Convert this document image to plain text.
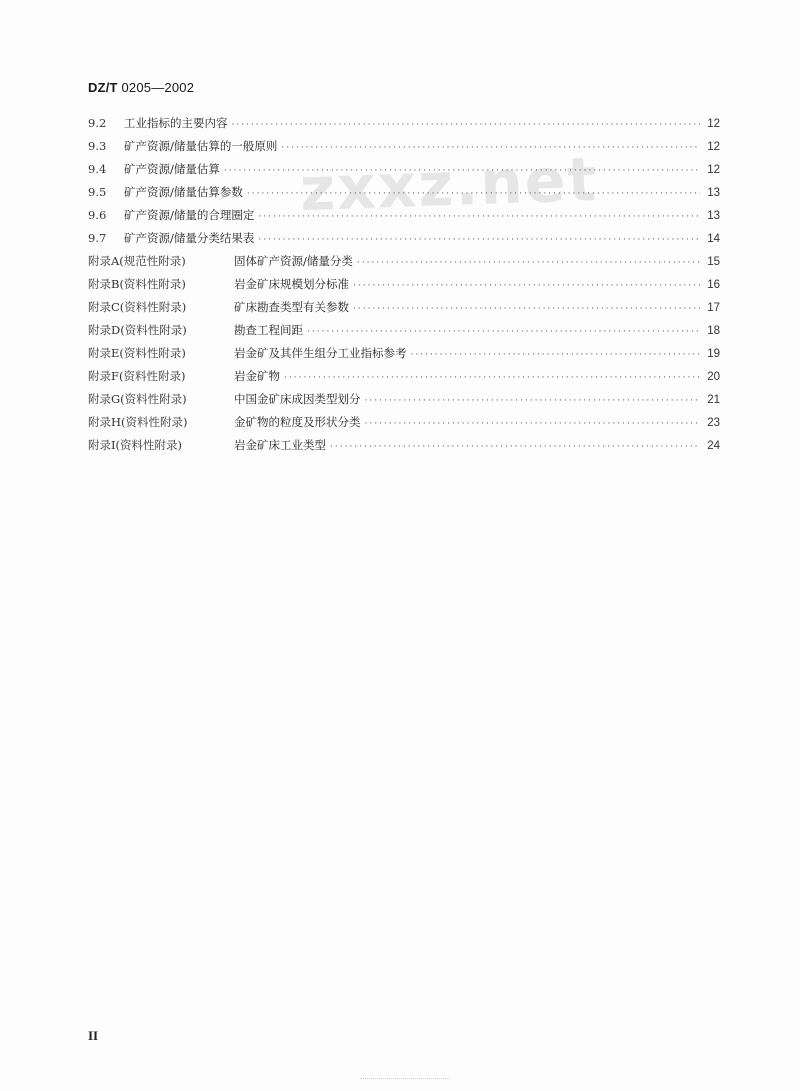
zxxz.net
DZ/T 0205—2002
9.2	工业指标的主要内容 ·····	12
9.3	矿产资源/储量估算的一般原则 ·····	12
9.4	矿产资源/储量估算 ·····	12
9.5	矿产资源/储量估算参数 ·····	13
9.6	矿产资源/储量的合理圈定 ·····	13
9.7	矿产资源/储量分类结果表 ·····	14
附录A(规范性附录)	固体矿产资源/储量分类 ·····	15
附录B(资料性附录)	岩金矿床规模划分标准 ·····	16
附录C(资料性附录)	矿床勘查类型有关参数 ·····	17
附录D(资料性附录)	勘查工程间距 ·····	18
附录E(资料性附录)	岩金矿及其伴生组分工业指标参考 ·····	19
附录F(资料性附录)	岩金矿物 ·····	20
附录G(资料性附录)	中国金矿床成因类型划分 ·····	21
附录H(资料性附录)	金矿物的粒度及形状分类 ·····	23
附录I(资料性附录)	岩金矿床工业类型 ·····	24
II
